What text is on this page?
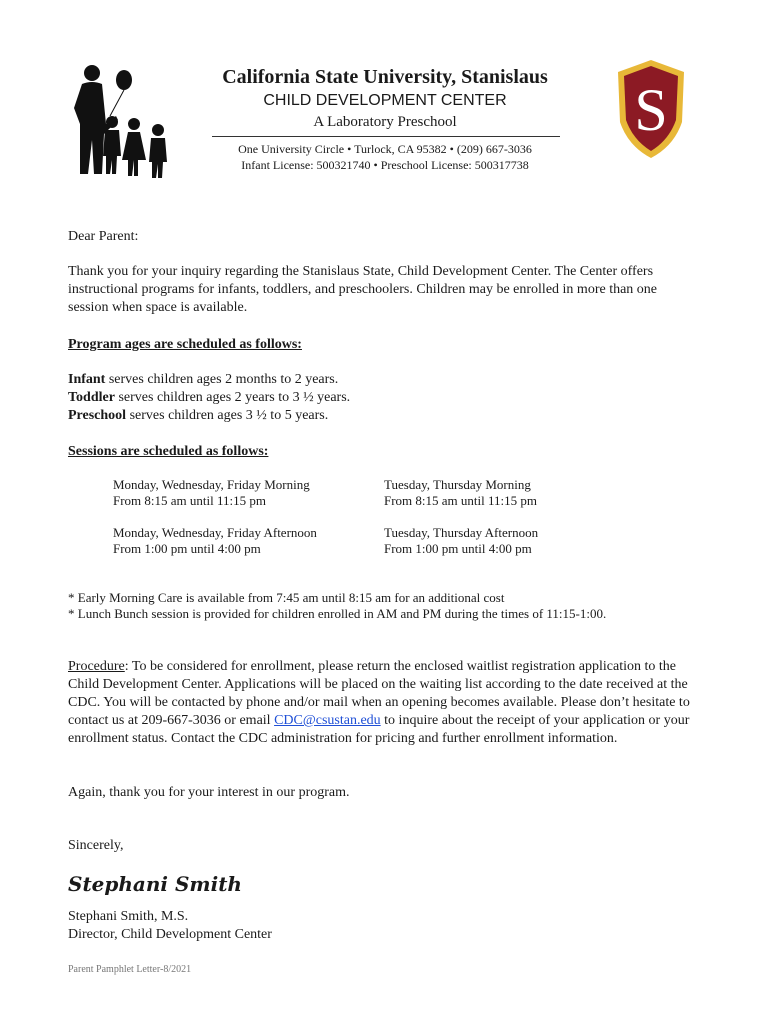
California State University, Stanislaus
CHILD DEVELOPMENT CENTER
A Laboratory Preschool
One University Circle • Turlock, CA 95382 • (209) 667-3036
Infant License: 500321740 • Preschool License: 500317738
S
Dear Parent:
Thank you for your inquiry regarding the Stanislaus State, Child Development Center. The Center offers instructional programs for infants, toddlers, and preschoolers. Children may be enrolled in more than one session when space is available.
Program ages are scheduled as follows:
Infant serves children ages 2 months to 2 years.
Toddler serves children ages 2 years to 3 ½ years.
Preschool serves children ages 3 ½ to 5 years.
Sessions are scheduled as follows:
Monday, Wednesday, Friday Morning
From 8:15 am until 11:15 pm
Tuesday, Thursday Morning
From 8:15 am until 11:15 pm
Monday, Wednesday, Friday Afternoon
From 1:00 pm until 4:00 pm
Tuesday, Thursday Afternoon
From 1:00 pm until 4:00 pm
* Early Morning Care is available from 7:45 am until 8:15 am for an additional cost
* Lunch Bunch session is provided for children enrolled in AM and PM during the times of 11:15-1:00.
Procedure: To be considered for enrollment, please return the enclosed waitlist registration application to the Child Development Center. Applications will be placed on the waiting list according to the date received at the CDC. You will be contacted by phone and/or mail when an opening becomes available. Please don’t hesitate to contact us at 209-667-3036 or email CDC@csustan.edu to inquire about the receipt of your application or your enrollment status. Contact the CDC administration for pricing and further enrollment information.
Again, thank you for your interest in our program.
Sincerely,
Stephani Smith
Stephani Smith, M.S.
Director, Child Development Center
Parent Pamphlet Letter-8/2021
